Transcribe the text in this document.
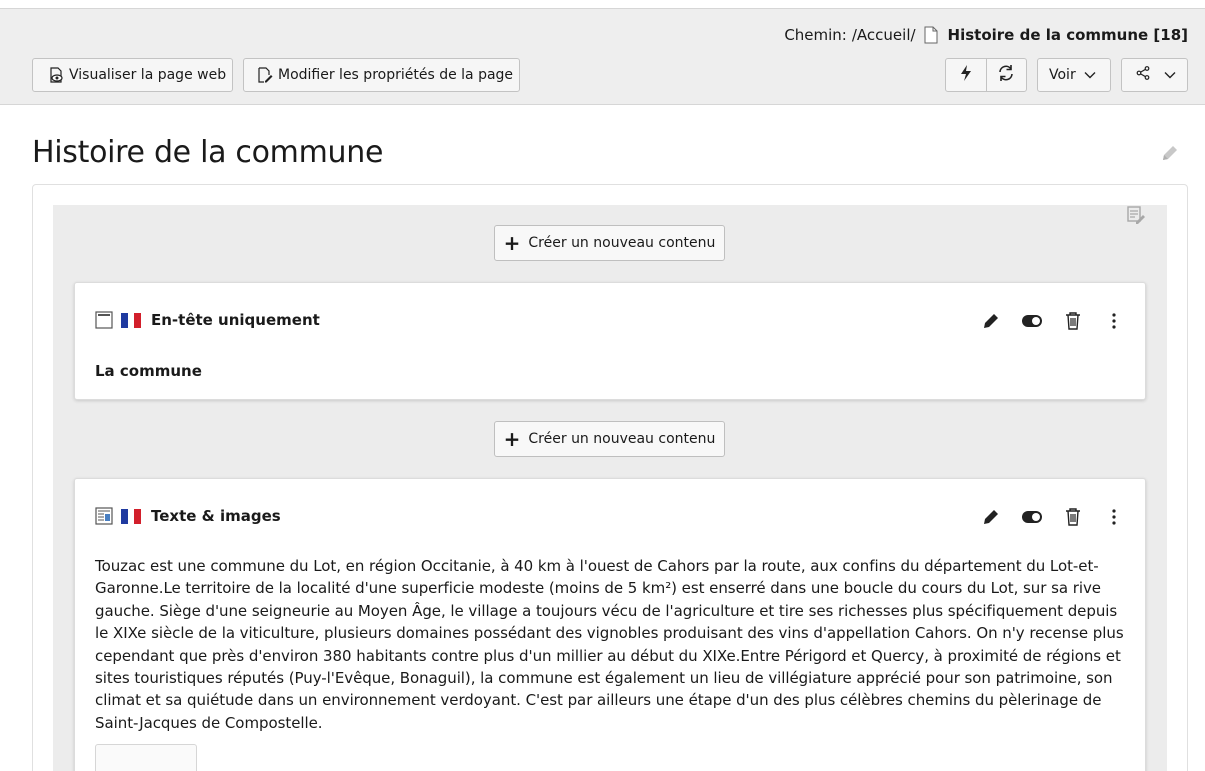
Chemin: /Accueil/ Histoire de la commune [18]
Visualiser la page web	Modifier les propriétés de la page	Voir
Histoire de la commune
+ Créer un nouveau contenu
En-tête uniquement
La commune
+ Créer un nouveau contenu
Texte & images
Touzac est une commune du Lot, en région Occitanie, à 40 km à l'ouest de Cahors par la route, aux confins du département du Lot-et-Garonne.Le territoire de la localité d'une superficie modeste (moins de 5 km²) est enserré dans une boucle du cours du Lot, sur sa rive gauche. Siège d'une seigneurie au Moyen Âge, le village a toujours vécu de l'agriculture et tire ses richesses plus spécifiquement depuis le XIXe siècle de la viticulture, plusieurs domaines possédant des vignobles produisant des vins d'appellation Cahors. On n'y recense plus cependant que près d'environ 380 habitants contre plus d'un millier au début du XIXe.Entre Périgord et Quercy, à proximité de régions et sites touristiques réputés (Puy-l'Evêque, Bonaguil), la commune est également un lieu de villégiature apprécié pour son patrimoine, son climat et sa quiétude dans un environnement verdoyant. C'est par ailleurs une étape d'un des plus célèbres chemins du pèlerinage de Saint-Jacques de Compostelle.
